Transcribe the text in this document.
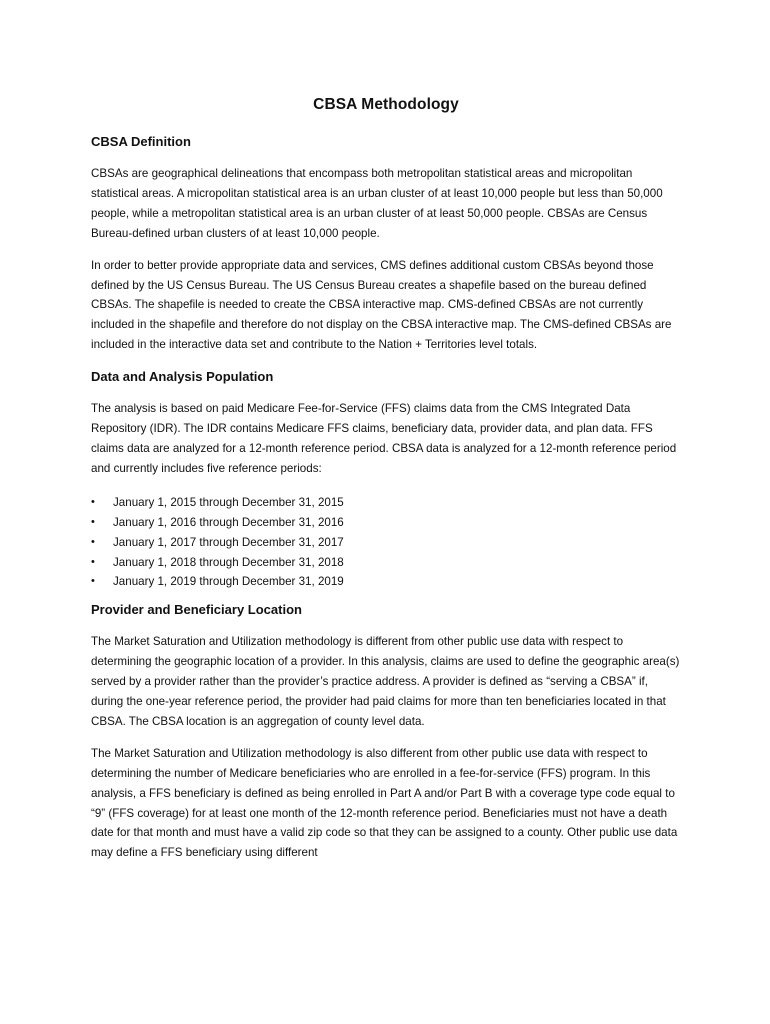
CBSA Methodology
CBSA Definition

CBSAs are geographical delineations that encompass both metropolitan statistical areas and micropolitan statistical areas. A micropolitan statistical area is an urban cluster of at least 10,000 people but less than 50,000 people, while a metropolitan statistical area is an urban cluster of at least 50,000 people. CBSAs are Census Bureau-defined urban clusters of at least 10,000 people.

In order to better provide appropriate data and services, CMS defines additional custom CBSAs beyond those defined by the US Census Bureau. The US Census Bureau creates a shapefile based on the bureau defined CBSAs. The shapefile is needed to create the CBSA interactive map. CMS-defined CBSAs are not currently included in the shapefile and therefore do not display on the CBSA interactive map. The CMS-defined CBSAs are included in the interactive data set and contribute to the Nation + Territories level totals.

Data and Analysis Population

The analysis is based on paid Medicare Fee-for-Service (FFS) claims data from the CMS Integrated Data Repository (IDR). The IDR contains Medicare FFS claims, beneficiary data, provider data, and plan data. FFS claims data are analyzed for a 12-month reference period. CBSA data is analyzed for a 12-month reference period and currently includes five reference periods:

•	January 1, 2015 through December 31, 2015
•	January 1, 2016 through December 31, 2016
•	January 1, 2017 through December 31, 2017
•	January 1, 2018 through December 31, 2018
•	January 1, 2019 through December 31, 2019
Provider and Beneficiary Location

The Market Saturation and Utilization methodology is different from other public use data with respect to determining the geographic location of a provider. In this analysis, claims are used to define the geographic area(s) served by a provider rather than the provider’s practice address. A provider is defined as “serving a CBSA” if, during the one-year reference period, the provider had paid claims for more than ten beneficiaries located in that CBSA. The CBSA location is an aggregation of county level data.

The Market Saturation and Utilization methodology is also different from other public use data with respect to determining the number of Medicare beneficiaries who are enrolled in a fee-for-service (FFS) program. In this analysis, a FFS beneficiary is defined as being enrolled in Part A and/or Part B with a coverage type code equal to “9” (FFS coverage) for at least one month of the 12-month reference period. Beneficiaries must not have a death date for that month and must have a valid zip code so that they can be assigned to a county. Other public use data may define a FFS beneficiary using different
